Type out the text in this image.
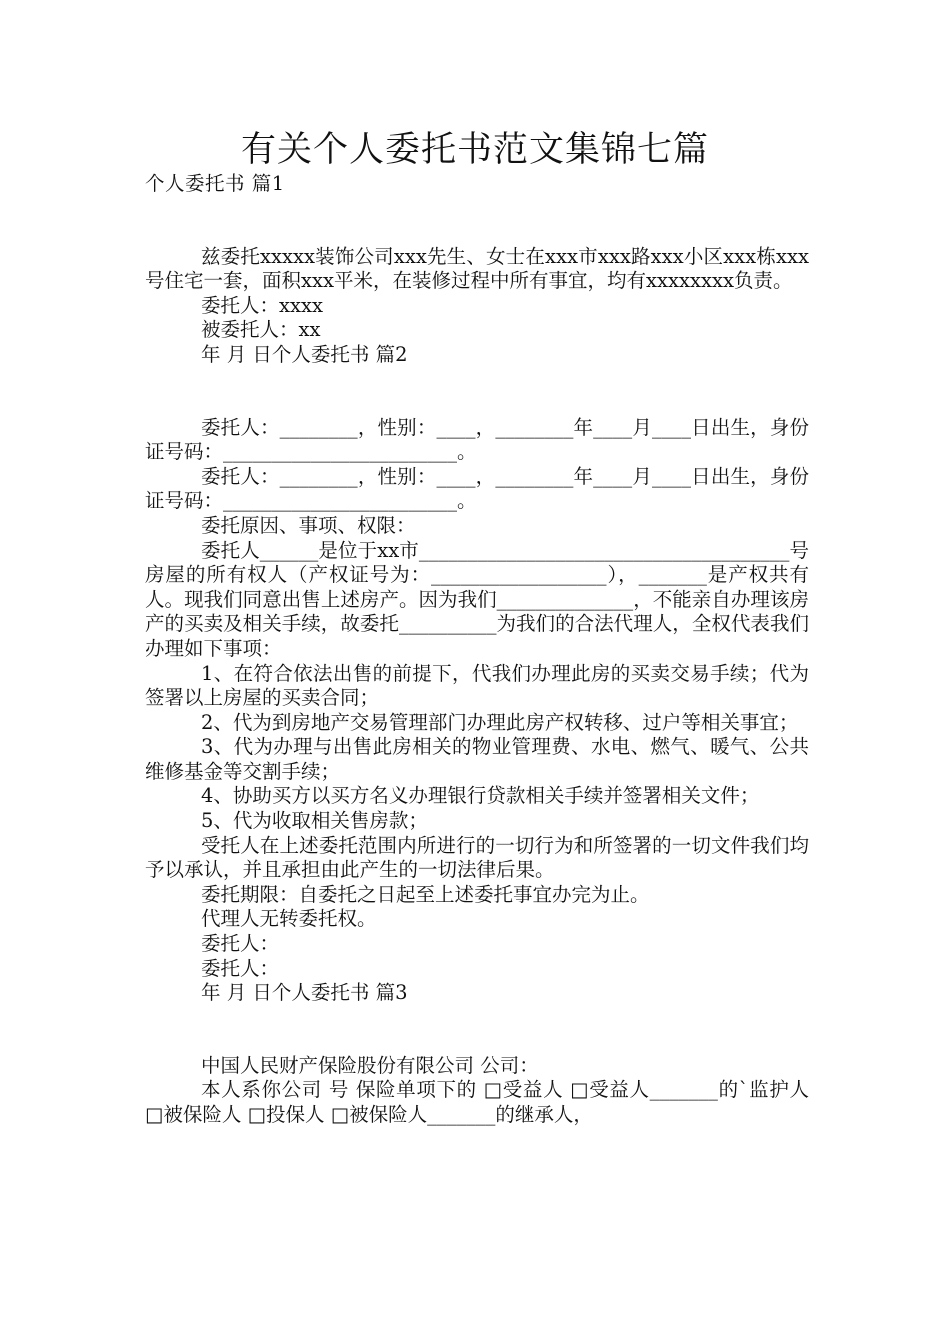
有关个人委托书范文集锦七篇

个人委托书 篇1

兹委托xxxxx装饰公司xxx先生、女士在xxx市xxx路xxx小区xxx栋xxx号住宅一套，面积xxx平米，在装修过程中所有事宜，均有xxxxxxxx负责。

委托人：xxxx

被委托人：xx

年 月 日个人委托书 篇2

委托人：________，性别：____，________年____月____日出生，身份证号码：________________________。

委托人：________，性别：____，________年____月____日出生，身份证号码：________________________。

委托原因、事项、权限：

委托人______是位于xx市______________________________________号房屋的所有权人（产权证号为：__________________），_______是产权共有人。现我们同意出售上述房产。因为我们______________，不能亲自办理该房产的买卖及相关手续，故委托__________为我们的合法代理人，全权代表我们办理如下事项：

1、在符合依法出售的前提下，代我们办理此房的买卖交易手续；代为签署以上房屋的买卖合同；

2、代为到房地产交易管理部门办理此房产权转移、过户等相关事宜；

3、代为办理与出售此房相关的物业管理费、水电、燃气、暖气、公共维修基金等交割手续；

4、协助买方以买方名义办理银行贷款相关手续并签署相关文件；

5、代为收取相关售房款；

受托人在上述委托范围内所进行的一切行为和所签署的一切文件我们均予以承认，并且承担由此产生的一切法律后果。

委托期限：自委托之日起至上述委托事宜办完为止。

代理人无转委托权。

委托人：

委托人：

年 月 日个人委托书 篇3

中国人民财产保险股份有限公司 公司：

本人系你公司 号 保险单项下的 □受益人 □受益人_______的`监护人 □被保险人 □投保人 □被保险人_______的继承人，
